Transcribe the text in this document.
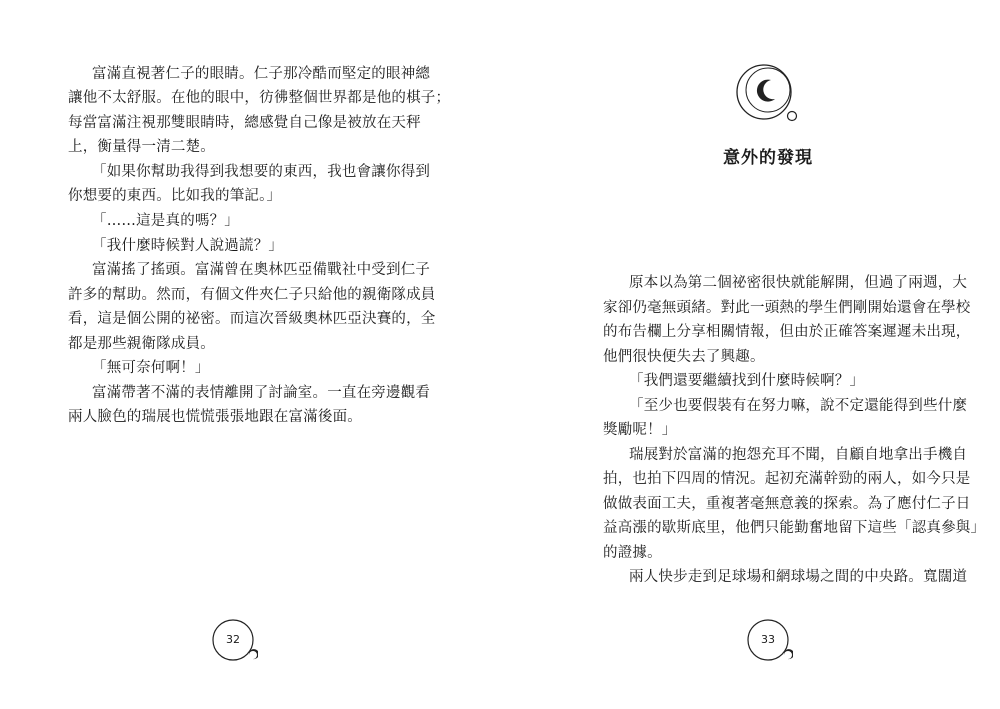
富滿直視著仁子的眼睛。仁子那冷酷而堅定的眼神總

讓他不太舒服。在他的眼中，彷彿整個世界都是他的棋子；

每當富滿注視那雙眼睛時，總感覺自己像是被放在天秤

上，衡量得一清二楚。

「如果你幫助我得到我想要的東西，我也會讓你得到

你想要的東西。比如我的筆記。」

「……這是真的嗎？」

「我什麼時候對人說過謊？」

富滿搖了搖頭。富滿曾在奧林匹亞備戰社中受到仁子

許多的幫助。然而，有個文件夾仁子只給他的親衛隊成員

看，這是個公開的祕密。而這次晉級奧林匹亞決賽的，全

都是那些親衛隊成員。

「無可奈何啊！」

富滿帶著不滿的表情離開了討論室。一直在旁邊觀看

兩人臉色的瑞展也慌慌張張地跟在富滿後面。

32
意外的發現

原本以為第二個祕密很快就能解開，但過了兩週，大

家卻仍毫無頭緒。對此一頭熱的學生們剛開始還會在學校

的布告欄上分享相關情報，但由於正確答案遲遲未出現，

他們很快便失去了興趣。

「我們還要繼續找到什麼時候啊？」

「至少也要假裝有在努力嘛，說不定還能得到些什麼

獎勵呢！」

瑞展對於富滿的抱怨充耳不聞，自顧自地拿出手機自

拍，也拍下四周的情況。起初充滿幹勁的兩人，如今只是

做做表面工夫，重複著毫無意義的探索。為了應付仁子日

益高漲的歇斯底里，他們只能勤奮地留下這些「認真參與」

的證據。

兩人快步走到足球場和網球場之間的中央路。寬闊道

33
